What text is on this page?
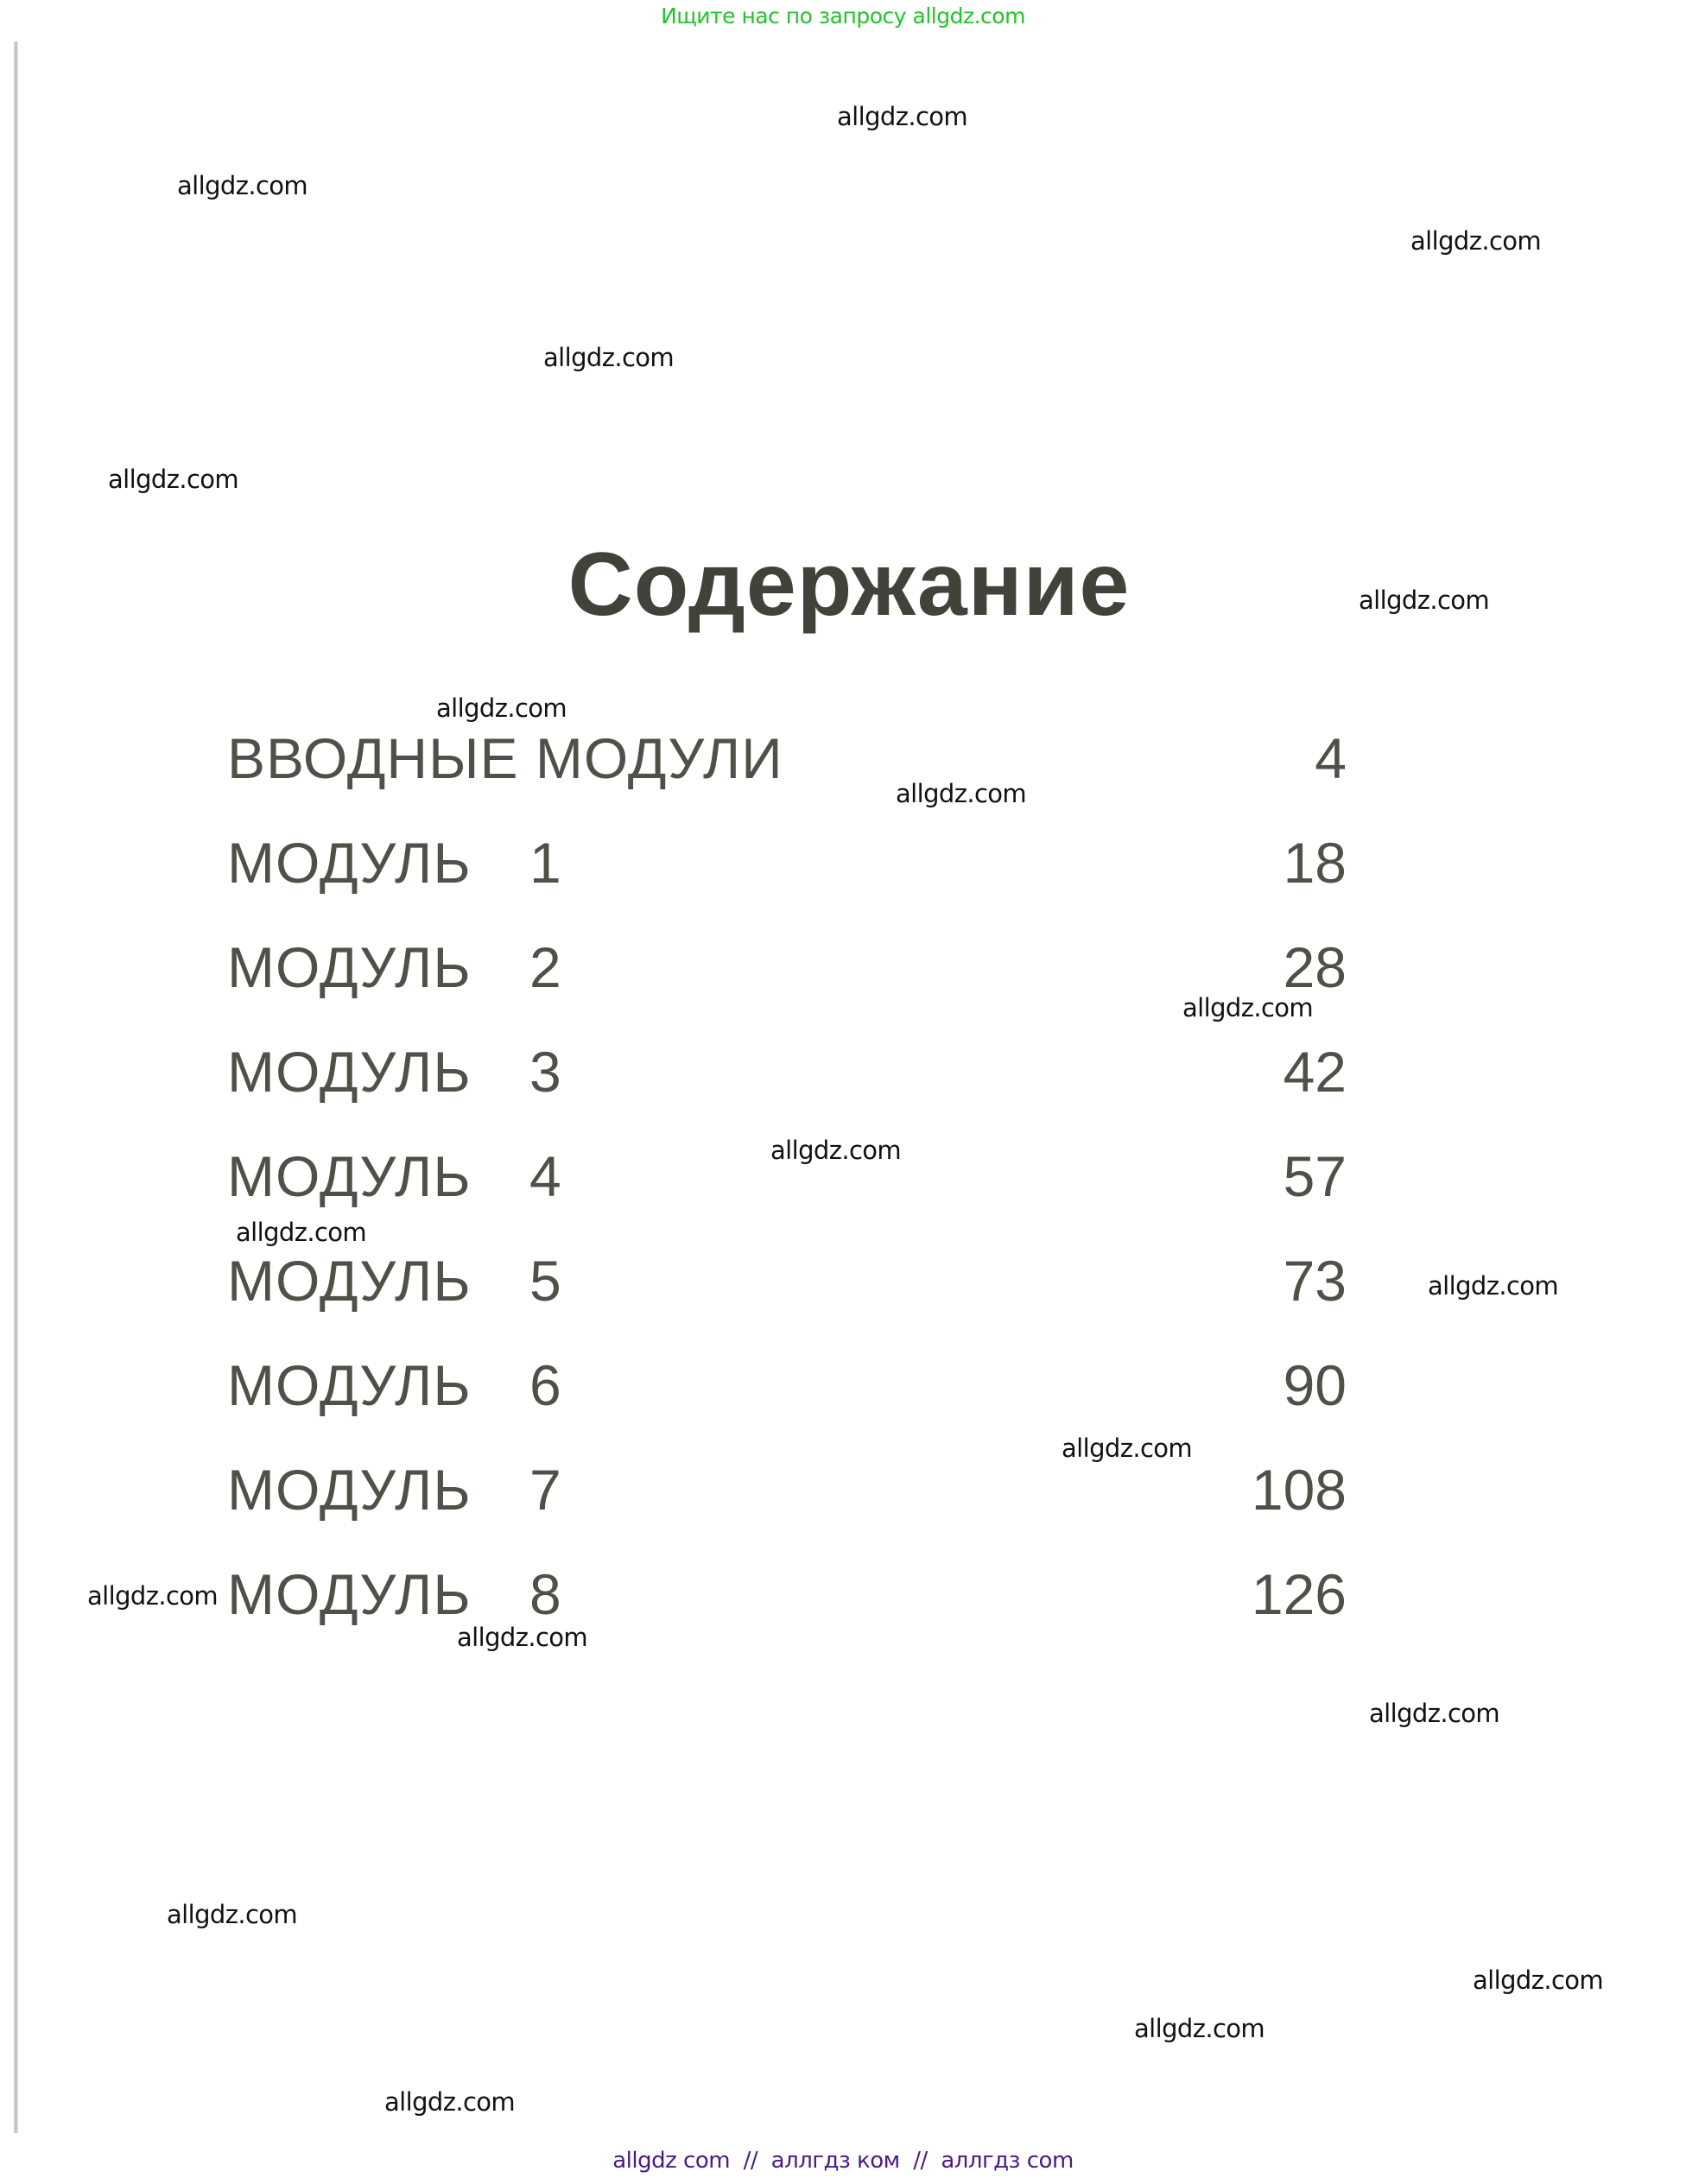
Ищите нас по запросу allgdz.com
Содержание
ВВОДНЫЕ МОДУЛИ	4
МОДУЛЬ 1	18
МОДУЛЬ 2	28
МОДУЛЬ 3	42
МОДУЛЬ 4	57
МОДУЛЬ 5	73
МОДУЛЬ 6	90
МОДУЛЬ 7	108
МОДУЛЬ 8	126
allgdz.com
allgdz.com
allgdz.com
allgdz.com
allgdz.com
allgdz.com
allgdz.com
allgdz.com
allgdz.com
allgdz.com
allgdz.com
allgdz.com
allgdz.com
allgdz.com
allgdz.com
allgdz.com
allgdz.com
allgdz.com
allgdz.com
allgdz.com
allgdz com  //  аллгдз ком  //  аллгдз com
